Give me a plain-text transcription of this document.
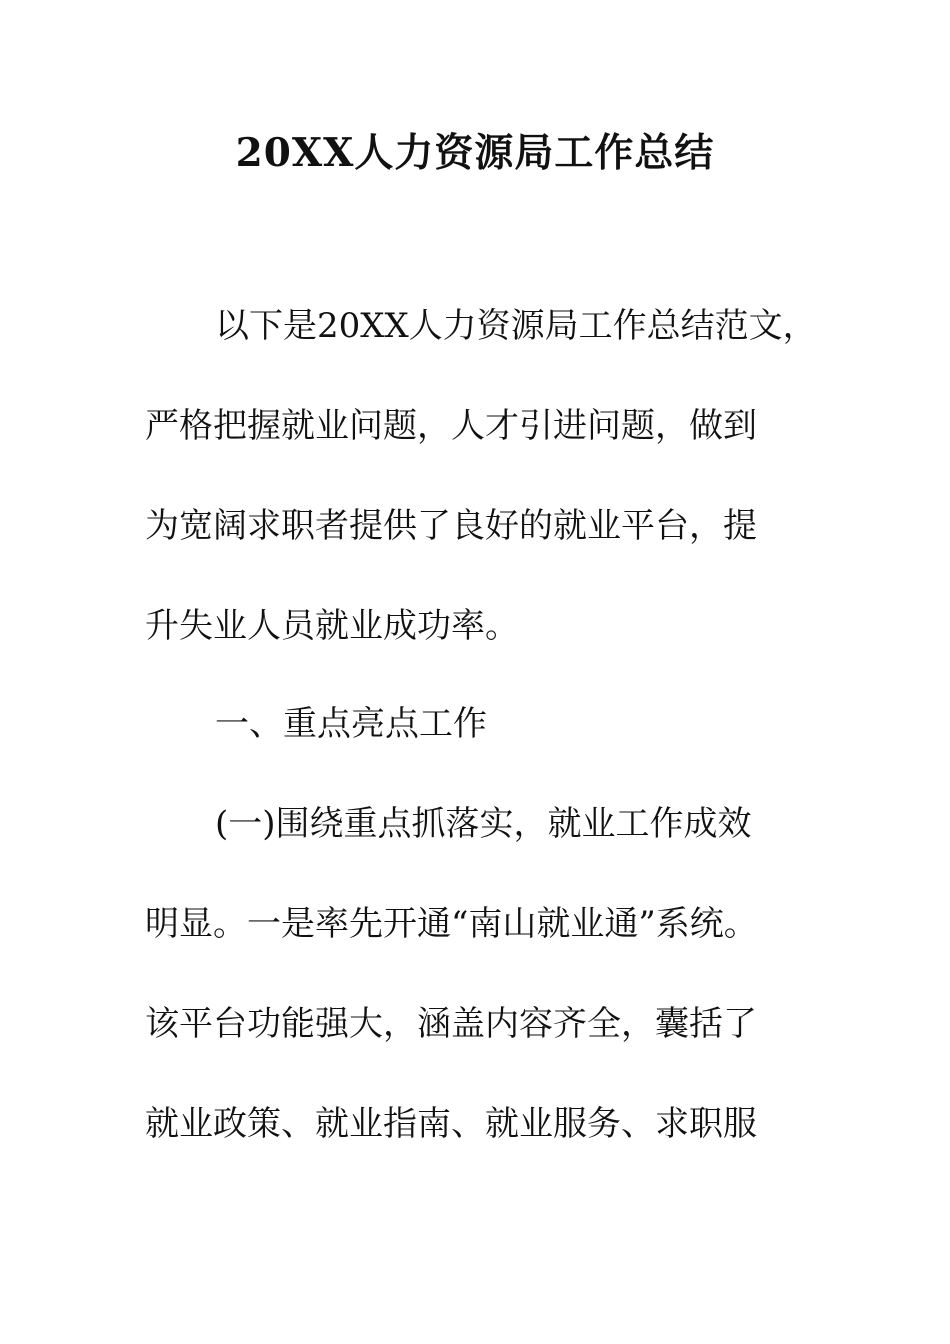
20XX人力资源局工作总结

以下是20XX人力资源局工作总结范文，

严格把握就业问题，人才引进问题，做到

为宽阔求职者提供了良好的就业平台，提

升失业人员就业成功率。

一、重点亮点工作

(一)围绕重点抓落实，就业工作成效

明显。一是率先开通“南山就业通”系统。

该平台功能强大，涵盖内容齐全，囊括了

就业政策、就业指南、就业服务、求职服
